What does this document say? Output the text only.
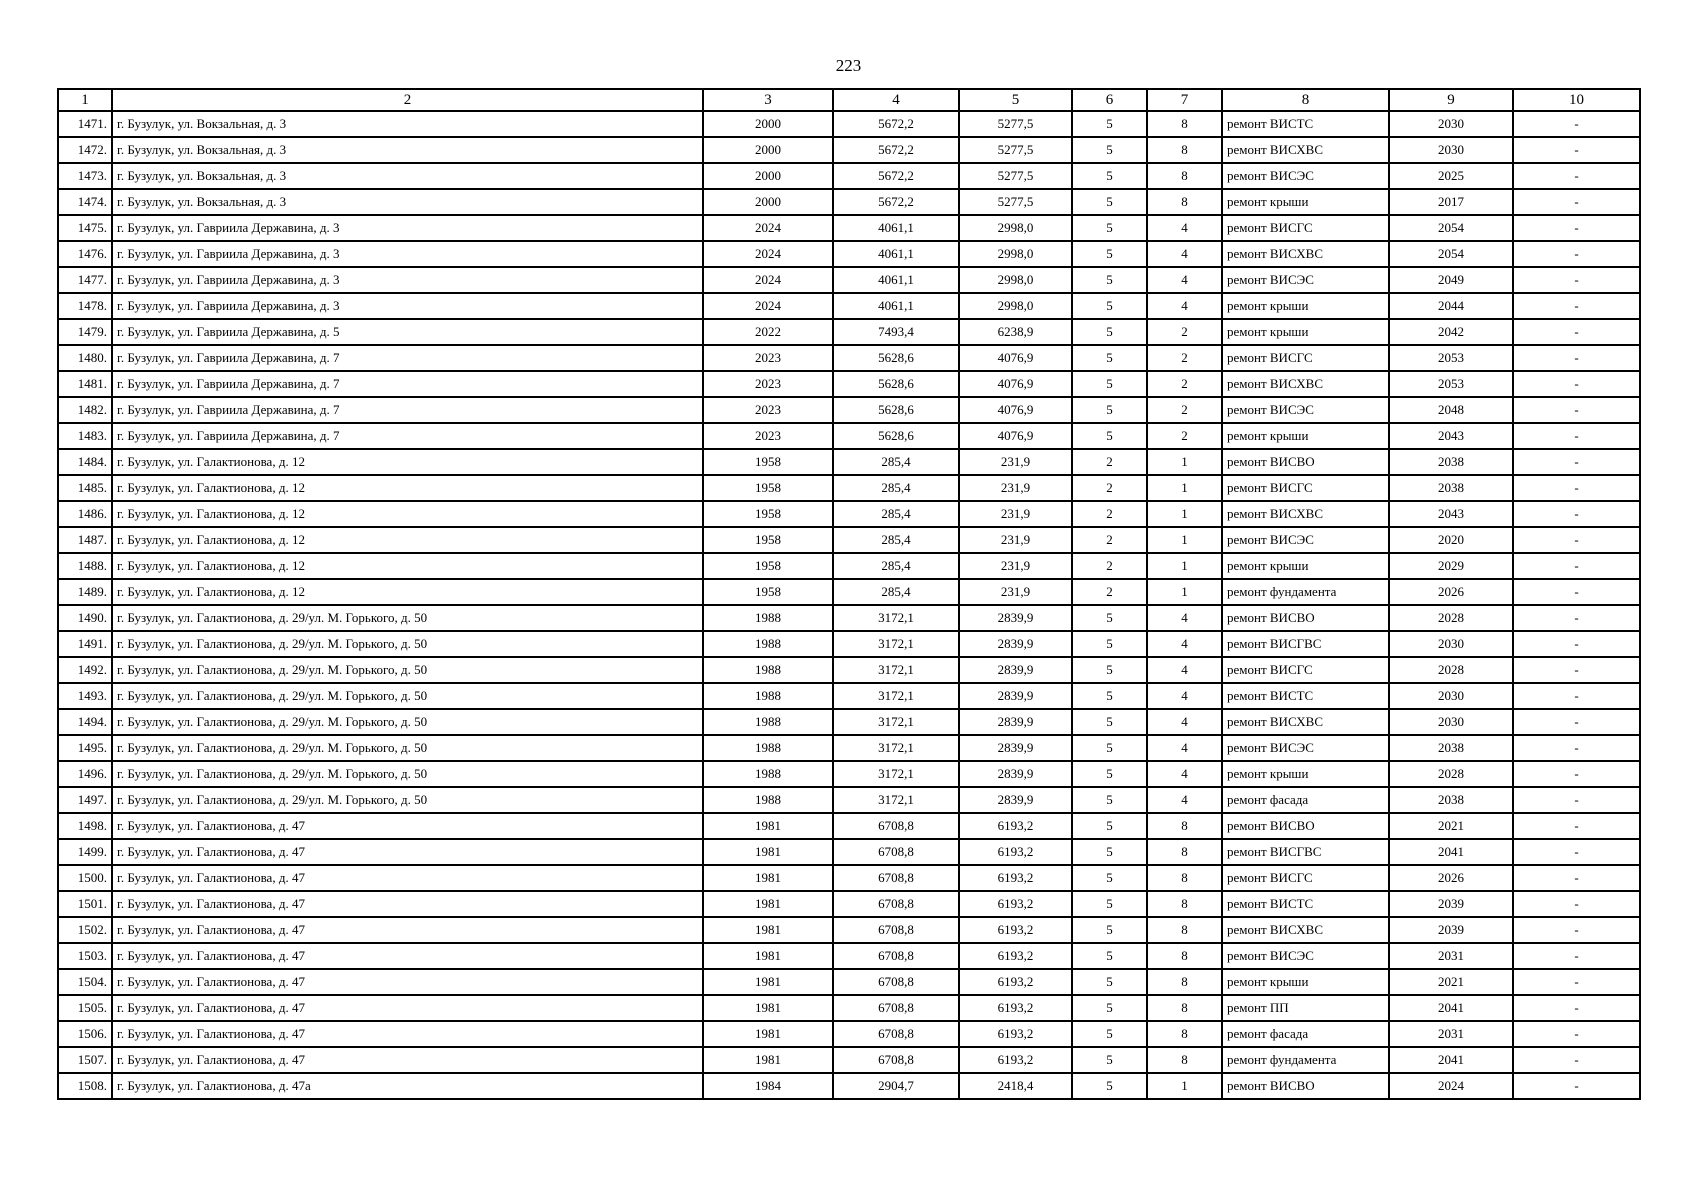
223
1	2	3	4	5	6	7	8	9	10
1471.	г. Бузулук, ул. Вокзальная, д. 3	2000	5672,2	5277,5	5	8	ремонт ВИСТС	2030	-
1472.	г. Бузулук, ул. Вокзальная, д. 3	2000	5672,2	5277,5	5	8	ремонт ВИСХВС	2030	-
1473.	г. Бузулук, ул. Вокзальная, д. 3	2000	5672,2	5277,5	5	8	ремонт ВИСЭС	2025	-
1474.	г. Бузулук, ул. Вокзальная, д. 3	2000	5672,2	5277,5	5	8	ремонт крыши	2017	-
1475.	г. Бузулук, ул. Гавриила Державина, д. 3	2024	4061,1	2998,0	5	4	ремонт ВИСГС	2054	-
1476.	г. Бузулук, ул. Гавриила Державина, д. 3	2024	4061,1	2998,0	5	4	ремонт ВИСХВС	2054	-
1477.	г. Бузулук, ул. Гавриила Державина, д. 3	2024	4061,1	2998,0	5	4	ремонт ВИСЭС	2049	-
1478.	г. Бузулук, ул. Гавриила Державина, д. 3	2024	4061,1	2998,0	5	4	ремонт крыши	2044	-
1479.	г. Бузулук, ул. Гавриила Державина, д. 5	2022	7493,4	6238,9	5	2	ремонт крыши	2042	-
1480.	г. Бузулук, ул. Гавриила Державина, д. 7	2023	5628,6	4076,9	5	2	ремонт ВИСГС	2053	-
1481.	г. Бузулук, ул. Гавриила Державина, д. 7	2023	5628,6	4076,9	5	2	ремонт ВИСХВС	2053	-
1482.	г. Бузулук, ул. Гавриила Державина, д. 7	2023	5628,6	4076,9	5	2	ремонт ВИСЭС	2048	-
1483.	г. Бузулук, ул. Гавриила Державина, д. 7	2023	5628,6	4076,9	5	2	ремонт крыши	2043	-
1484.	г. Бузулук, ул. Галактионова, д. 12	1958	285,4	231,9	2	1	ремонт ВИСВО	2038	-
1485.	г. Бузулук, ул. Галактионова, д. 12	1958	285,4	231,9	2	1	ремонт ВИСГС	2038	-
1486.	г. Бузулук, ул. Галактионова, д. 12	1958	285,4	231,9	2	1	ремонт ВИСХВС	2043	-
1487.	г. Бузулук, ул. Галактионова, д. 12	1958	285,4	231,9	2	1	ремонт ВИСЭС	2020	-
1488.	г. Бузулук, ул. Галактионова, д. 12	1958	285,4	231,9	2	1	ремонт крыши	2029	-
1489.	г. Бузулук, ул. Галактионова, д. 12	1958	285,4	231,9	2	1	ремонт фундамента	2026	-
1490.	г. Бузулук, ул. Галактионова, д. 29/ул. М. Горького, д. 50	1988	3172,1	2839,9	5	4	ремонт ВИСВО	2028	-
1491.	г. Бузулук, ул. Галактионова, д. 29/ул. М. Горького, д. 50	1988	3172,1	2839,9	5	4	ремонт ВИСГВС	2030	-
1492.	г. Бузулук, ул. Галактионова, д. 29/ул. М. Горького, д. 50	1988	3172,1	2839,9	5	4	ремонт ВИСГС	2028	-
1493.	г. Бузулук, ул. Галактионова, д. 29/ул. М. Горького, д. 50	1988	3172,1	2839,9	5	4	ремонт ВИСТС	2030	-
1494.	г. Бузулук, ул. Галактионова, д. 29/ул. М. Горького, д. 50	1988	3172,1	2839,9	5	4	ремонт ВИСХВС	2030	-
1495.	г. Бузулук, ул. Галактионова, д. 29/ул. М. Горького, д. 50	1988	3172,1	2839,9	5	4	ремонт ВИСЭС	2038	-
1496.	г. Бузулук, ул. Галактионова, д. 29/ул. М. Горького, д. 50	1988	3172,1	2839,9	5	4	ремонт крыши	2028	-
1497.	г. Бузулук, ул. Галактионова, д. 29/ул. М. Горького, д. 50	1988	3172,1	2839,9	5	4	ремонт фасада	2038	-
1498.	г. Бузулук, ул. Галактионова, д. 47	1981	6708,8	6193,2	5	8	ремонт ВИСВО	2021	-
1499.	г. Бузулук, ул. Галактионова, д. 47	1981	6708,8	6193,2	5	8	ремонт ВИСГВС	2041	-
1500.	г. Бузулук, ул. Галактионова, д. 47	1981	6708,8	6193,2	5	8	ремонт ВИСГС	2026	-
1501.	г. Бузулук, ул. Галактионова, д. 47	1981	6708,8	6193,2	5	8	ремонт ВИСТС	2039	-
1502.	г. Бузулук, ул. Галактионова, д. 47	1981	6708,8	6193,2	5	8	ремонт ВИСХВС	2039	-
1503.	г. Бузулук, ул. Галактионова, д. 47	1981	6708,8	6193,2	5	8	ремонт ВИСЭС	2031	-
1504.	г. Бузулук, ул. Галактионова, д. 47	1981	6708,8	6193,2	5	8	ремонт крыши	2021	-
1505.	г. Бузулук, ул. Галактионова, д. 47	1981	6708,8	6193,2	5	8	ремонт ПП	2041	-
1506.	г. Бузулук, ул. Галактионова, д. 47	1981	6708,8	6193,2	5	8	ремонт фасада	2031	-
1507.	г. Бузулук, ул. Галактионова, д. 47	1981	6708,8	6193,2	5	8	ремонт фундамента	2041	-
1508.	г. Бузулук, ул. Галактионова, д. 47а	1984	2904,7	2418,4	5	1	ремонт ВИСВО	2024	-
